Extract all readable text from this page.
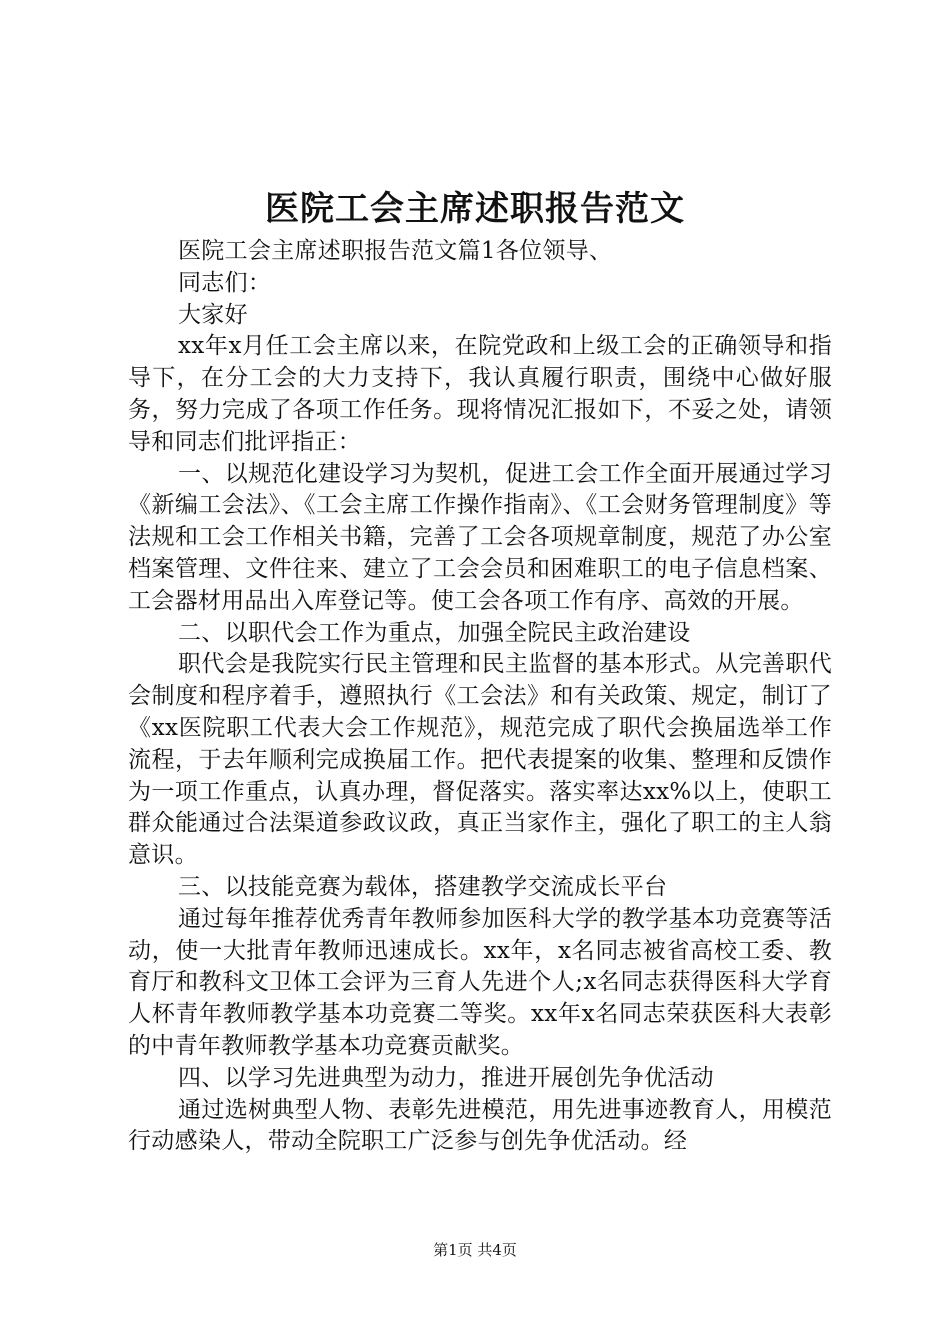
医院工会主席述职报告范文

医院工会主席述职报告范文篇1各位领导、

同志们：

大家好

xx年x月任工会主席以来，在院党政和上级工会的正确领导和指导下，在分工会的大力支持下，我认真履行职责，围绕中心做好服务，努力完成了各项工作任务。现将情况汇报如下，不妥之处，请领导和同志们批评指正：

一、以规范化建设学习为契机，促进工会工作全面开展通过学习《新编工会法》、《工会主席工作操作指南》、《工会财务管理制度》等法规和工会工作相关书籍，完善了工会各项规章制度，规范了办公室档案管理、文件往来、建立了工会会员和困难职工的电子信息档案、工会器材用品出入库登记等。使工会各项工作有序、高效的开展。

二、以职代会工作为重点，加强全院民主政治建设

职代会是我院实行民主管理和民主监督的基本形式。从完善职代会制度和程序着手，遵照执行《工会法》和有关政策、规定，制订了《xx医院职工代表大会工作规范》，规范完成了职代会换届选举工作流程，于去年顺利完成换届工作。把代表提案的收集、整理和反馈作为一项工作重点，认真办理，督促落实。落实率达xx%以上，使职工群众能通过合法渠道参政议政，真正当家作主，强化了职工的主人翁意识。

三、以技能竞赛为载体，搭建教学交流成长平台

通过每年推荐优秀青年教师参加医科大学的教学基本功竞赛等活动，使一大批青年教师迅速成长。xx年，x名同志被省高校工委、教育厅和教科文卫体工会评为三育人先进个人;x名同志获得医科大学育人杯青年教师教学基本功竞赛二等奖。xx年x名同志荣获医科大表彰的中青年教师教学基本功竞赛贡献奖。

四、以学习先进典型为动力，推进开展创先争优活动

通过选树典型人物、表彰先进模范，用先进事迹教育人，用模范行动感染人，带动全院职工广泛参与创先争优活动。经

第1页 共4页
